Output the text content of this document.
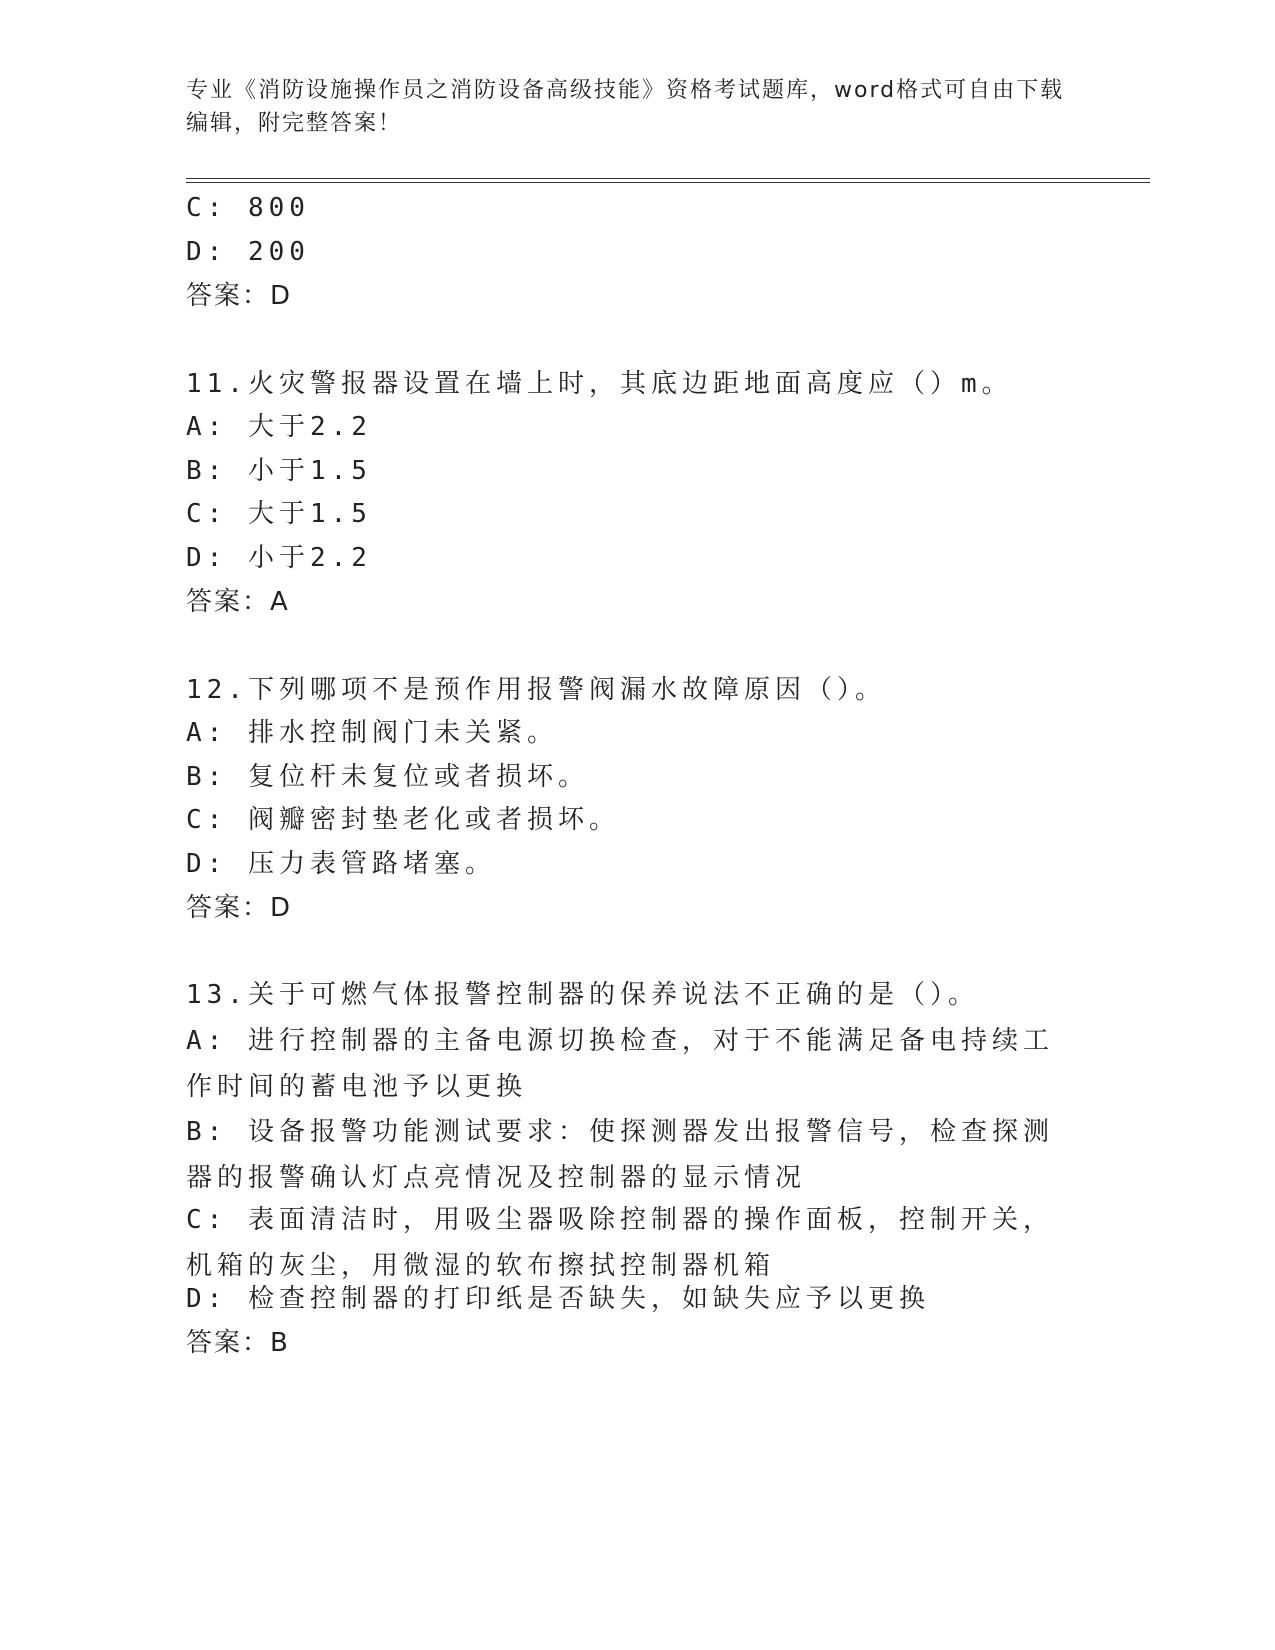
专业《消防设施操作员之消防设备高级技能》资格考试题库，word格式可自由下载编辑，附完整答案！
C: 800
D: 200
答案：D
11.火灾警报器设置在墙上时，其底边距地面高度应（）m。
A: 大于2.2
B: 小于1.5
C: 大于1.5
D: 小于2.2
答案：A
12.下列哪项不是预作用报警阀漏水故障原因（）。
A: 排水控制阀门未关紧。
B: 复位杆未复位或者损坏。
C: 阀瓣密封垫老化或者损坏。
D: 压力表管路堵塞。
答案：D
13.关于可燃气体报警控制器的保养说法不正确的是（）。
A: 进行控制器的主备电源切换检查，对于不能满足备电持续工作时间的蓄电池予以更换
B: 设备报警功能测试要求：使探测器发出报警信号，检查探测器的报警确认灯点亮情况及控制器的显示情况
C: 表面清洁时，用吸尘器吸除控制器的操作面板，控制开关，机箱的灰尘，用微湿的软布擦拭控制器机箱
D: 检查控制器的打印纸是否缺失，如缺失应予以更换
答案：B
